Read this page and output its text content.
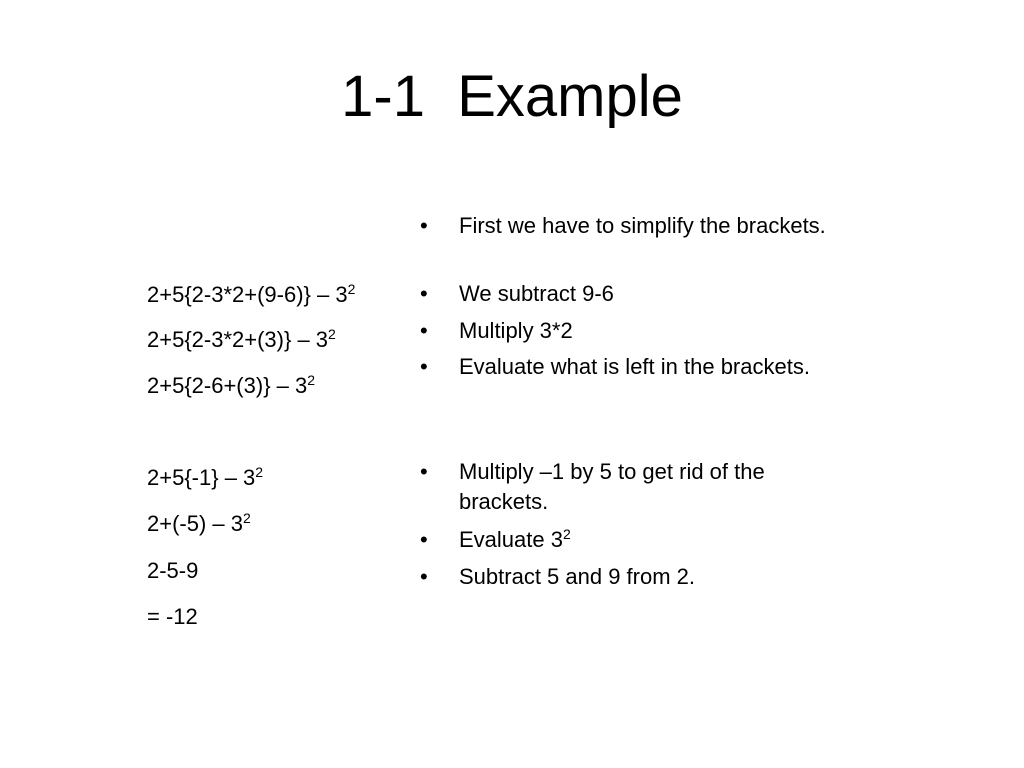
1-1  Example
$2+5\{2-3*2+(9-6)\} - 3^2$
$2+5\{2-3*2+(3)\} - 3^2$
$2+5\{2-6+(3)\} - 3^2$
$2+5\{-1\} - 3^2$
$2+(-5) - 3^2$
2-5-9
= -12
•	First we have to simplify the brackets.
•	We subtract 9-6
•	Multiply 3*2
•	Evaluate what is left in the brackets.
•	Multiply –1 by 5 to get rid of the brackets.
•	Evaluate $3^2$
•	Subtract 5 and 9 from 2.
